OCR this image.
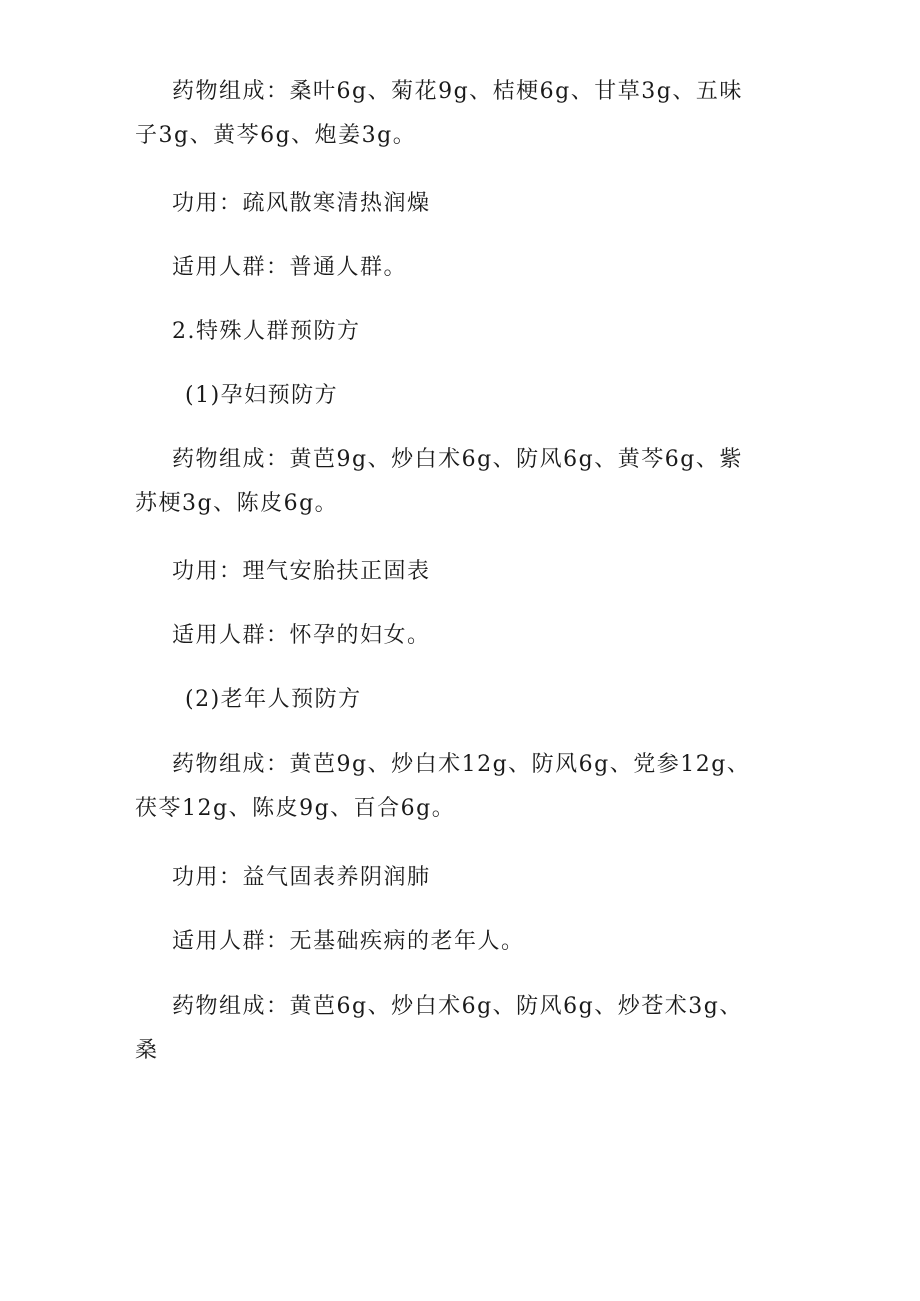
药物组成：桑叶6g、菊花9g、桔梗6g、甘草3g、五味子3g、黄芩6g、炮姜3g。

功用：疏风散寒清热润燥

适用人群：普通人群。

2.特殊人群预防方

(1)孕妇预防方

药物组成：黄芭9g、炒白术6g、防风6g、黄芩6g、紫苏梗3g、陈皮6g。

功用：理气安胎扶正固表

适用人群：怀孕的妇女。

(2)老年人预防方

药物组成：黄芭9g、炒白术12g、防风6g、党参12g、茯苓12g、陈皮9g、百合6g。

功用：益气固表养阴润肺

适用人群：无基础疾病的老年人。

药物组成：黄芭6g、炒白术6g、防风6g、炒苍术3g、桑
